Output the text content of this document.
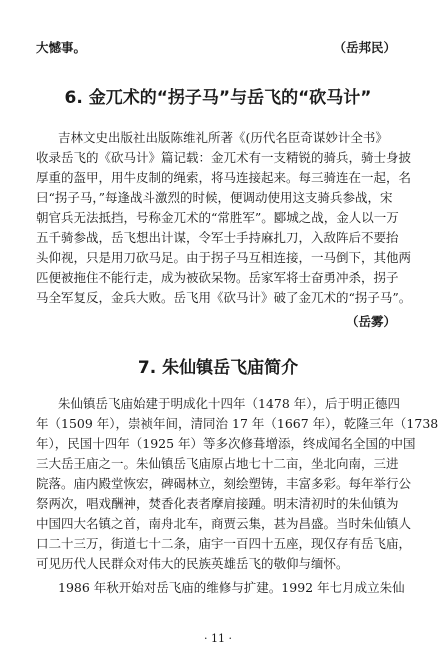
大憾事。	（岳邦民）
6. 金兀术的“拐子马”与岳飞的“砍马计”
吉林文史出版社出版陈维礼所著《(历代名臣奇谋妙计全书》
收录岳飞的《砍马计》篇记载：金兀术有一支精锐的骑兵，骑士身披
厚重的盔甲，用牛皮制的绳索，将马连接起来。每三骑连在一起，名
曰“拐子马，”每逢战斗激烈的时候，便调动使用这支骑兵参战，宋
朝官兵无法抵挡，号称金兀术的“常胜军”。郾城之战，金人以一万
五千骑参战，岳飞想出计谋，令军士手持麻扎刀，入敌阵后不要抬
头仰视，只是用刀砍马足。由于拐子马互相连接，一马倒下，其他两
匹便被拖住不能行走，成为被砍呆物。岳家军将士奋勇冲杀，拐子
马全军复反，金兵大败。岳飞用《砍马计》破了金兀术的“拐子马”。
（岳雾）
7. 朱仙镇岳飞庙简介
朱仙镇岳飞庙始建于明成化十四年（1478 年），后于明正德四
年（1509 年），崇祯年间，清同治 17 年（1667 年），乾隆三年（1738
年），民国十四年（1925 年）等多次修葺增添，终成闻名全国的中国
三大岳王庙之一。朱仙镇岳飞庙原占地七十二亩，坐北向南，三进
院落。庙内殿堂恢宏，碑碣林立，刻绘塑铸，丰富多彩。每年举行公
祭两次，唱戏酬神，焚香化表者摩肩接踵。明末清初时的朱仙镇为
中国四大名镇之首，南舟北车，商贾云集，甚为昌盛。当时朱仙镇人
口二十三万，街道七十二条，庙宇一百四十五座，现仅存有岳飞庙，
可见历代人民群众对伟大的民族英雄岳飞的敬仰与缅怀。
1986 年秋开始对岳飞庙的维修与扩建。1992 年七月成立朱仙
· 11 ·
